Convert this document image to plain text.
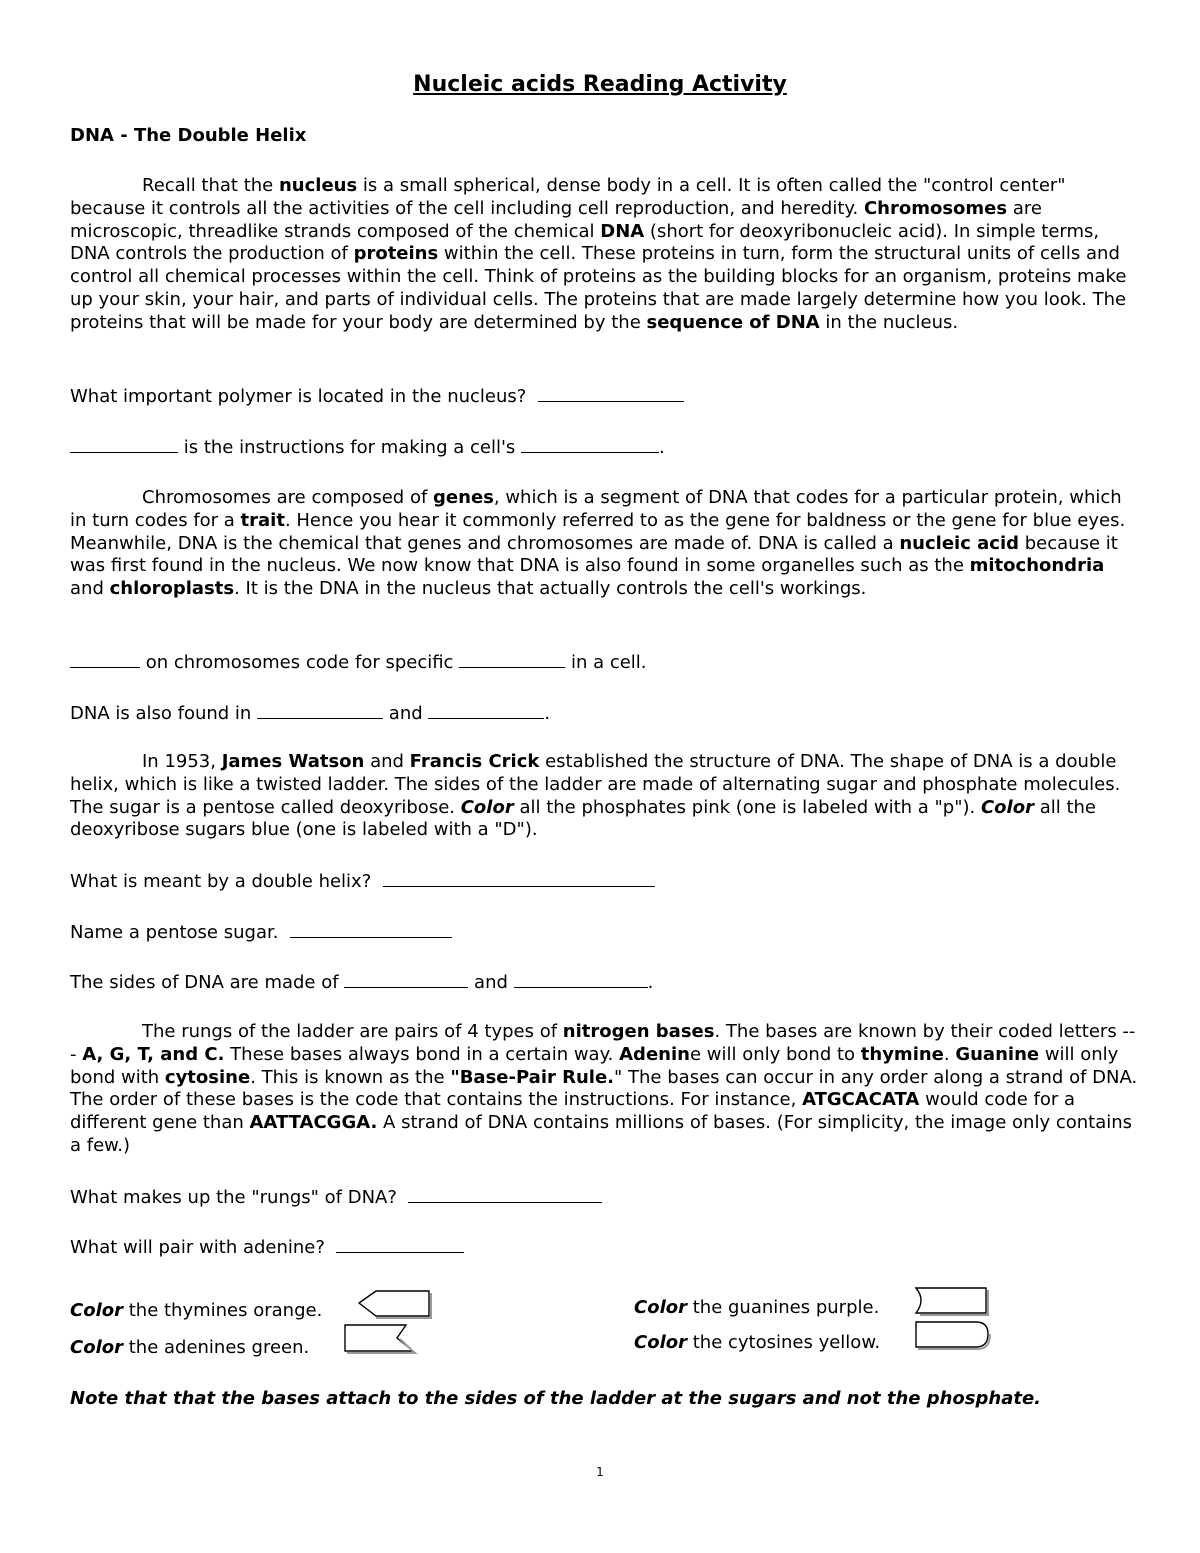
Nucleic acids Reading Activity
DNA - The Double Helix
Recall that the nucleus is a small spherical, dense body in a cell. It is often called the "control center" because it controls all the activities of the cell including cell reproduction, and heredity. Chromosomes are microscopic, threadlike strands composed of the chemical DNA (short for deoxyribonucleic acid). In simple terms, DNA controls the production of proteins within the cell. These proteins in turn, form the structural units of cells and control all chemical processes within the cell. Think of proteins as the building blocks for an organism, proteins make up your skin, your hair, and parts of individual cells. The proteins that are made largely determine how you look. The proteins that will be made for your body are determined by the sequence of DNA in the nucleus.
What important polymer is located in the nucleus?
is the instructions for making a cell's	.
Chromosomes are composed of genes, which is a segment of DNA that codes for a particular protein, which in turn codes for a trait. Hence you hear it commonly referred to as the gene for baldness or the gene for blue eyes. Meanwhile, DNA is the chemical that genes and chromosomes are made of. DNA is called a nucleic acid because it was first found in the nucleus. We now know that DNA is also found in some organelles such as the mitochondria and chloroplasts. It is the DNA in the nucleus that actually controls the cell's workings.
on chromosomes code for specific	in a cell.
DNA is also found in	and	.
In 1953, James Watson and Francis Crick established the structure of DNA. The shape of DNA is a double helix, which is like a twisted ladder. The sides of the ladder are made of alternating sugar and phosphate molecules. The sugar is a pentose called deoxyribose. Color all the phosphates pink (one is labeled with a "p"). Color all the deoxyribose sugars blue (one is labeled with a "D").
What is meant by a double helix?
Name a pentose sugar.
The sides of DNA are made of	and	.
The rungs of the ladder are pairs of 4 types of nitrogen bases. The bases are known by their coded letters --- A, G, T, and C. These bases always bond in a certain way. Adenine will only bond to thymine. Guanine will only bond with cytosine. This is known as the "Base-Pair Rule." The bases can occur in any order along a strand of DNA. The order of these bases is the code that contains the instructions. For instance, ATGCACATA would code for a different gene than AATTACGGA. A strand of DNA contains millions of bases. (For simplicity, the image only contains a few.)
What makes up the "rungs" of DNA?
What will pair with adenine?
Color the thymines orange.
Color the adenines green.
Color the guanines purple.
Color the cytosines yellow.
Note that that the bases attach to the sides of the ladder at the sugars and not the phosphate.
1
